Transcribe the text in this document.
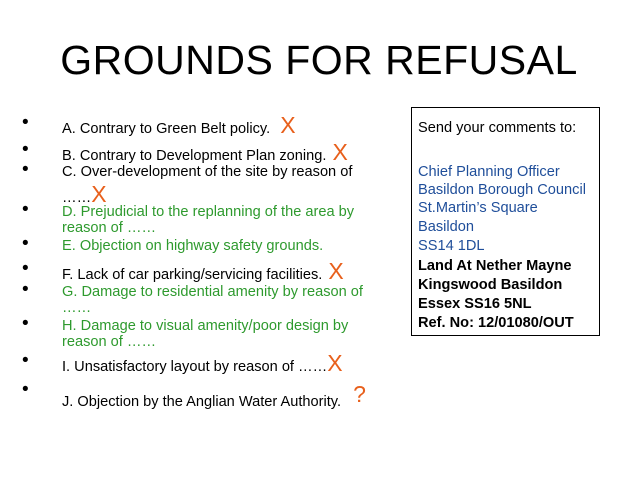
GROUNDS FOR REFUSAL
• A. Contrary to Green Belt policy. X
• B. Contrary to Development Plan zoning. X
• C. Over-development of the site by reason of
……X
• D. Prejudicial to the replanning of the area by
reason of ……
• E. Objection on highway safety grounds.
• F. Lack of car parking/servicing facilities. X
• G. Damage to residential amenity by reason of
……
• H. Damage to visual amenity/poor design by
reason of ……
• I. Unsatisfactory layout by reason of ……X
•
J. Objection by the Anglian Water Authority. ?
Send your comments to:
Chief Planning Officer
Basildon Borough Council
St.Martin’s Square
Basildon
SS14 1DL
Land At Nether Mayne
Kingswood Basildon
Essex SS16 5NL
Ref. No: 12/01080/OUT
